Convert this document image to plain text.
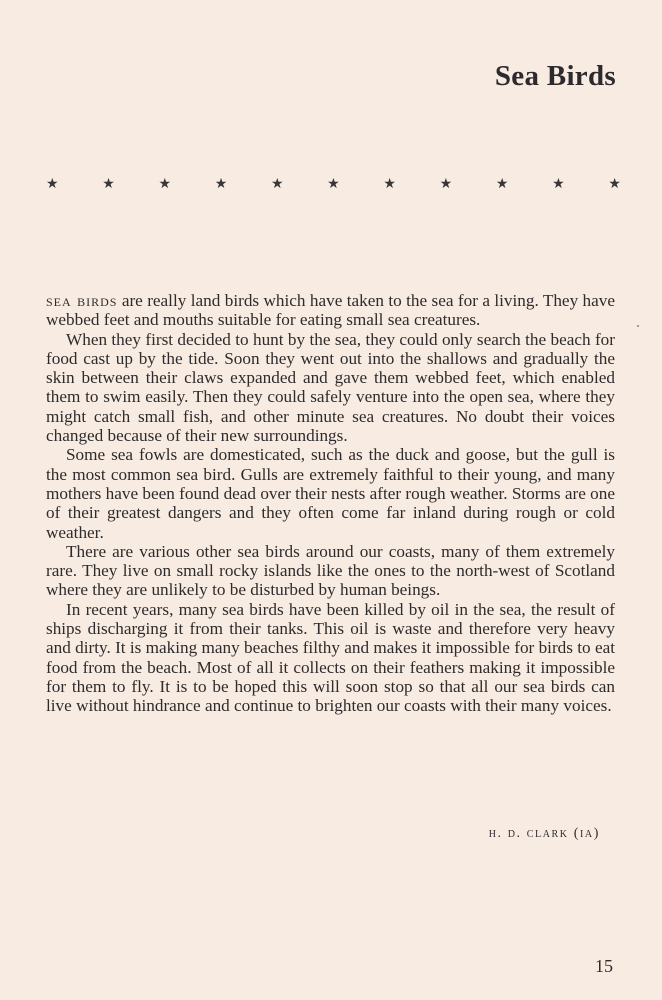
Sea Birds
★	★	★	★	★	★	★	★	★	★	★

sea birds are really land birds which have taken to the sea for a living. They have webbed feet and mouths suitable for eating small sea creatures.

When they first decided to hunt by the sea, they could only search the beach for food cast up by the tide. Soon they went out into the shallows and gradually the skin between their claws expanded and gave them webbed feet, which enabled them to swim easily. Then they could safely venture into the open sea, where they might catch small fish, and other minute sea creatures. No doubt their voices changed because of their new surroundings.

Some sea fowls are domesticated, such as the duck and goose, but the gull is the most common sea bird. Gulls are extremely faithful to their young, and many mothers have been found dead over their nests after rough weather. Storms are one of their greatest dangers and they often come far inland during rough or cold weather.

There are various other sea birds around our coasts, many of them extremely rare. They live on small rocky islands like the ones to the north-west of Scotland where they are unlikely to be disturbed by human beings.

In recent years, many sea birds have been killed by oil in the sea, the result of ships discharging it from their tanks. This oil is waste and therefore very heavy and dirty. It is making many beaches filthy and makes it impossible for birds to eat food from the beach. Most of all it collects on their feathers making it impossible for them to fly. It is to be hoped this will soon stop so that all our sea birds can live without hindrance and continue to brighten our coasts with their many voices.

h. d. clark (ia)
15
